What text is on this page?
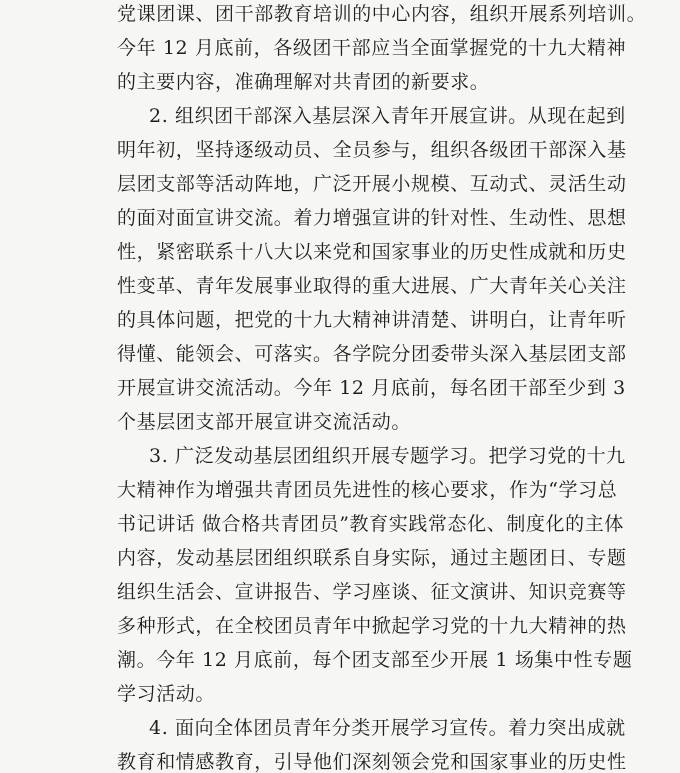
党课团课、团干部教育培训的中心内容，组织开展系列培训。
今年 12 月底前，各级团干部应当全面掌握党的十九大精神
的主要内容，准确理解对共青团的新要求。
2. 组织团干部深入基层深入青年开展宣讲。从现在起到
明年初，坚持逐级动员、全员参与，组织各级团干部深入基
层团支部等活动阵地，广泛开展小规模、互动式、灵活生动
的面对面宣讲交流。着力增强宣讲的针对性、生动性、思想
性，紧密联系十八大以来党和国家事业的历史性成就和历史
性变革、青年发展事业取得的重大进展、广大青年关心关注
的具体问题，把党的十九大精神讲清楚、讲明白，让青年听
得懂、能领会、可落实。各学院分团委带头深入基层团支部
开展宣讲交流活动。今年 12 月底前，每名团干部至少到 3
个基层团支部开展宣讲交流活动。
3. 广泛发动基层团组织开展专题学习。把学习党的十九
大精神作为增强共青团员先进性的核心要求，作为“学习总
书记讲话 做合格共青团员”教育实践常态化、制度化的主体
内容，发动基层团组织联系自身实际，通过主题团日、专题
组织生活会、宣讲报告、学习座谈、征文演讲、知识竞赛等
多种形式，在全校团员青年中掀起学习党的十九大精神的热
潮。今年 12 月底前，每个团支部至少开展 1 场集中性专题
学习活动。
4. 面向全体团员青年分类开展学习宣传。着力突出成就
教育和情感教育，引导他们深刻领会党和国家事业的历史性
